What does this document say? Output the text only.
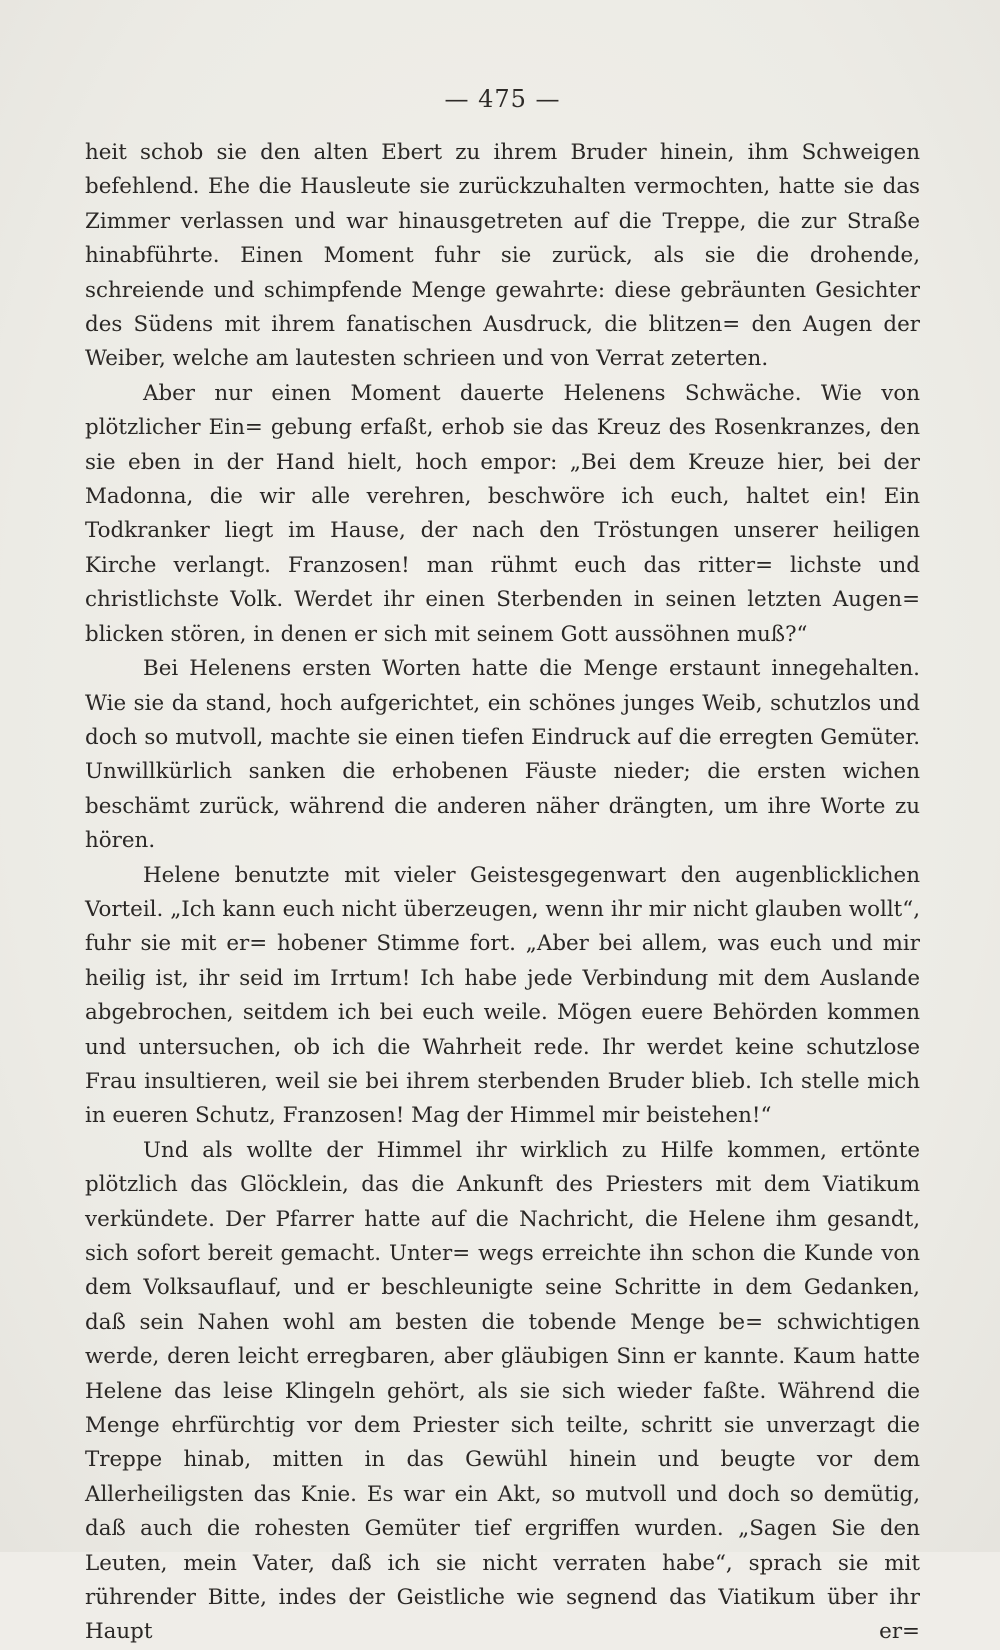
— 475 —

heit schob sie den alten Ebert zu ihrem Bruder hinein, ihm Schweigen befehlend. Ehe die Hausleute sie zurückzuhalten vermochten, hatte sie das Zimmer verlassen und war hinausgetreten auf die Treppe, die zur Straße hinabführte. Einen Moment fuhr sie zurück, als sie die drohende, schreiende und schimpfende Menge gewahrte: diese gebräunten Gesichter des Südens mit ihrem fanatischen Ausdruck, die blitzen= den Augen der Weiber, welche am lautesten schrieen und von Verrat zeterten.

Aber nur einen Moment dauerte Helenens Schwäche. Wie von plötzlicher Ein= gebung erfaßt, erhob sie das Kreuz des Rosenkranzes, den sie eben in der Hand hielt, hoch empor: „Bei dem Kreuze hier, bei der Madonna, die wir alle verehren, beschwöre ich euch, haltet ein! Ein Todkranker liegt im Hause, der nach den Tröstungen unserer heiligen Kirche verlangt. Franzosen! man rühmt euch das ritter= lichste und christlichste Volk. Werdet ihr einen Sterbenden in seinen letzten Augen= blicken stören, in denen er sich mit seinem Gott aussöhnen muß?“

Bei Helenens ersten Worten hatte die Menge erstaunt innegehalten. Wie sie da stand, hoch aufgerichtet, ein schönes junges Weib, schutzlos und doch so mutvoll, machte sie einen tiefen Eindruck auf die erregten Gemüter. Unwillkürlich sanken die erhobenen Fäuste nieder; die ersten wichen beschämt zurück, während die anderen näher drängten, um ihre Worte zu hören.

Helene benutzte mit vieler Geistesgegenwart den augenblicklichen Vorteil. „Ich kann euch nicht überzeugen, wenn ihr mir nicht glauben wollt“, fuhr sie mit er= hobener Stimme fort. „Aber bei allem, was euch und mir heilig ist, ihr seid im Irrtum! Ich habe jede Verbindung mit dem Auslande abgebrochen, seitdem ich bei euch weile. Mögen euere Behörden kommen und untersuchen, ob ich die Wahrheit rede. Ihr werdet keine schutzlose Frau insultieren, weil sie bei ihrem sterbenden Bruder blieb. Ich stelle mich in eueren Schutz, Franzosen! Mag der Himmel mir beistehen!“

Und als wollte der Himmel ihr wirklich zu Hilfe kommen, ertönte plötzlich das Glöcklein, das die Ankunft des Priesters mit dem Viatikum verkündete. Der Pfarrer hatte auf die Nachricht, die Helene ihm gesandt, sich sofort bereit gemacht. Unter= wegs erreichte ihn schon die Kunde von dem Volksauflauf, und er beschleunigte seine Schritte in dem Gedanken, daß sein Nahen wohl am besten die tobende Menge be= schwichtigen werde, deren leicht erregbaren, aber gläubigen Sinn er kannte. Kaum hatte Helene das leise Klingeln gehört, als sie sich wieder faßte. Während die Menge ehrfürchtig vor dem Priester sich teilte, schritt sie unverzagt die Treppe hinab, mitten in das Gewühl hinein und beugte vor dem Allerheiligsten das Knie. Es war ein Akt, so mutvoll und doch so demütig, daß auch die rohesten Gemüter tief ergriffen wurden. „Sagen Sie den Leuten, mein Vater, daß ich sie nicht verraten habe“, sprach sie mit rührender Bitte, indes der Geistliche wie segnend das Viatikum über ihr Haupt er=
